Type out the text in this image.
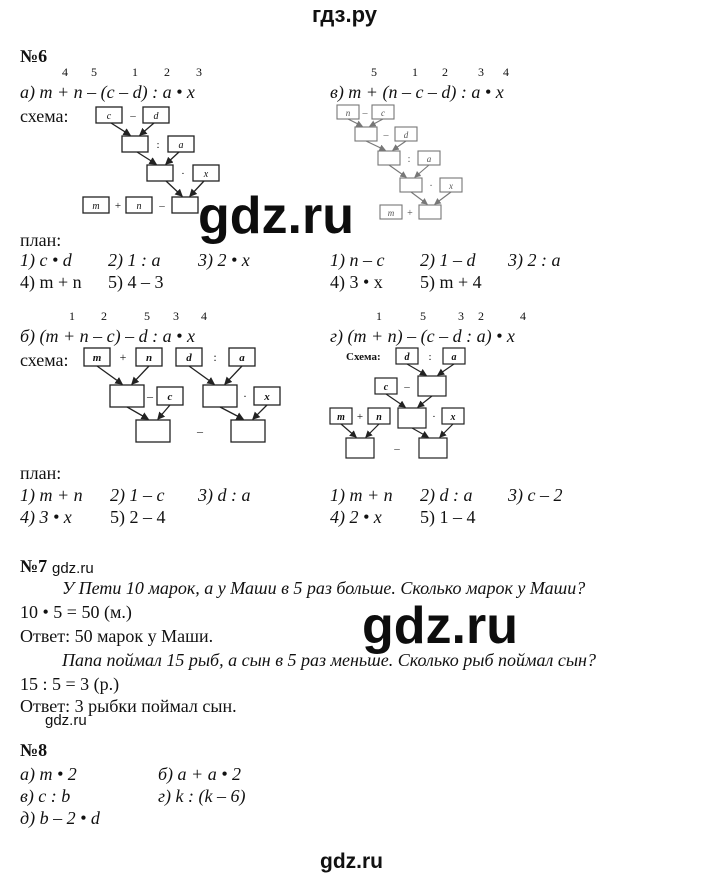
гдз.ру
№6
4 5	1 2 3
а) m + n – (c – d) : a • x
5	1 2	3 4
в) m + (n – c – d) : a • x
схема:	c	d
a
x
m	n
–
:
·
+	–
n	c
d
a
x
m
–
–
:
·
+
m	n	d	a
c	x
+	:
–	·
–
d	a
c
m	n	x
:
–
+	·
–
gdz.ru
план:
1) c • d 2) 1 : a 3) 2 • x
4) m + n 5) 4 – 3
1) n – c 2) 1 – d 3) 2 : a
4) 3 • x 5) m + 4
1 2	5 3 4
б) (m + n – c) – d : a • x
1	5	3 2	4
г) (m + n) – (c – d : a) • x
схема:	Схема:
план:
1) m + n 2) 1 – c 3) d : a
4) 3 • x 5) 2 – 4
1) m + n 2) d : a 3) c – 2
4) 2 • x 5) 1 – 4
№7 gdz.ru
У Пети 10 марок, а у Маши в 5 раз больше. Сколько марок у Маши?
10 • 5 = 50 (м.)
Ответ: 50 марок у Маши.	gdz.ru
Папа поймал 15 рыб, а сын в 5 раз меньше. Сколько рыб поймал сын?
15 : 5 = 3 (р.)
Ответ: 3 рыбки поймал сын.
gdz.ru
№8
а) m • 2	б) a + a • 2
в) c : b	г) k : (k – 6)
д) b – 2 • d
gdz.ru
